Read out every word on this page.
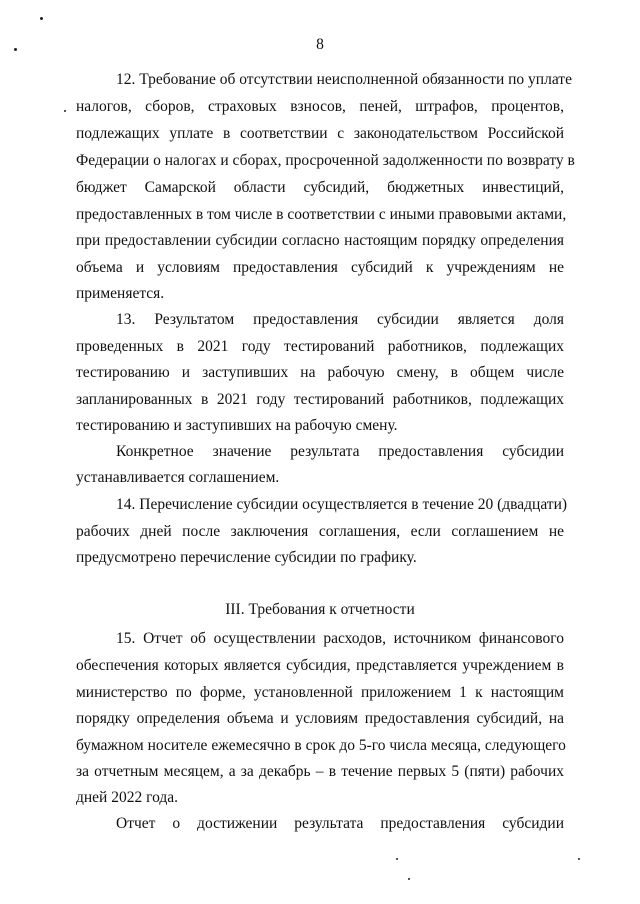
8
12. Требование об отсутствии неисполненной обязанности по уплате
налогов, сборов, страховых взносов, пеней, штрафов, процентов,
подлежащих уплате в соответствии с законодательством Российской
Федерации о налогах и сборах, просроченной задолженности по возврату в
бюджет Самарской области субсидий, бюджетных инвестиций,
предоставленных в том числе в соответствии с иными правовыми актами,
при предоставлении субсидии согласно настоящим порядку определения
объема и условиям предоставления субсидий к учреждениям не
применяется.
13. Результатом предоставления субсидии является доля
проведенных в 2021 году тестирований работников, подлежащих
тестированию и заступивших на рабочую смену, в общем числе
запланированных в 2021 году тестирований работников, подлежащих
тестированию и заступивших на рабочую смену.
Конкретное значение результата предоставления субсидии
устанавливается соглашением.
14. Перечисление субсидии осуществляется в течение 20 (двадцати)
рабочих дней после заключения соглашения, если соглашением не
предусмотрено перечисление субсидии по графику.
III. Требования к отчетности
15. Отчет об осуществлении расходов, источником финансового
обеспечения которых является субсидия, представляется учреждением в
министерство по форме, установленной приложением 1 к настоящим
порядку определения объема и условиям предоставления субсидий, на
бумажном носителе ежемесячно в срок до 5-го числа месяца, следующего
за отчетным месяцем, а за декабрь – в течение первых 5 (пяти) рабочих
дней 2022 года.
Отчет о достижении результата предоставления субсидии
